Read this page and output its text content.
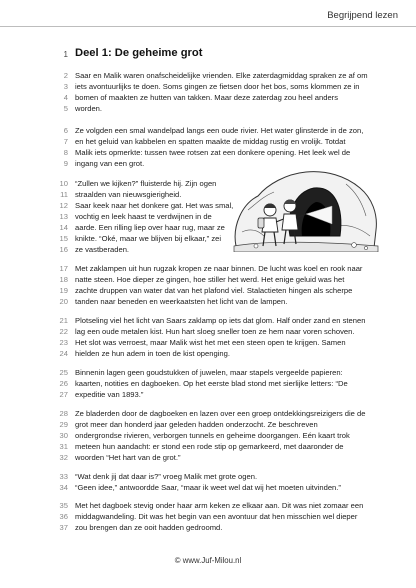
Begrijpend lezen
1 Deel 1: De geheime grot
2 Saar en Malik waren onafscheidelijke vrienden. Elke zaterdagmiddag spraken ze af om
3 iets avontuurlijks te doen. Soms gingen ze fietsen door het bos, soms klommen ze in
4 bomen of maakten ze hutten van takken. Maar deze zaterdag zou heel anders
5 worden.
6 Ze volgden een smal wandelpad langs een oude rivier. Het water glinsterde in de zon,
7 en het geluid van kabbelen en spatten maakte de middag rustig en vrolijk. Totdat
8 Malik iets opmerkte: tussen twee rotsen zat een donkere opening. Het leek wel de
9 ingang van een grot.
10 “Zullen we kijken?” fluisterde hij. Zijn ogen
11 straalden van nieuwsgierigheid.
12 Saar keek naar het donkere gat. Het was smal,
13 vochtig en leek haast te verdwijnen in de
14 aarde. Een rilling liep over haar rug, maar ze
15 knikte. “Oké, maar we blijven bij elkaar,” zei
16 ze vastberaden.
17 Met zaklampen uit hun rugzak kropen ze naar binnen. De lucht was koel en rook naar
18 natte steen. Hoe dieper ze gingen, hoe stiller het werd. Het enige geluid was het
19 zachte druppen van water dat van het plafond viel. Stalactieten hingen als scherpe
20 tanden naar beneden en weerkaatsten het licht van de lampen.
21 Plotseling viel het licht van Saars zaklamp op iets dat glom. Half onder zand en stenen
22 lag een oude metalen kist. Hun hart sloeg sneller toen ze hem naar voren schoven.
23 Het slot was verroest, maar Malik wist het met een steen open te krijgen. Samen
24 hielden ze hun adem in toen de kist openging.
25 Binnenin lagen geen goudstukken of juwelen, maar stapels vergeelde papieren:
26 kaarten, notities en dagboeken. Op het eerste blad stond met sierlijke letters: “De
27 expeditie van 1893.”
28 Ze bladerden door de dagboeken en lazen over een groep ontdekkingsreizigers die de
29 grot meer dan honderd jaar geleden hadden onderzocht. Ze beschreven
30 ondergrondse rivieren, verborgen tunnels en geheime doorgangen. Eén kaart trok
31 meteen hun aandacht: er stond een rode stip op gemarkeerd, met daaronder de
32 woorden “Het hart van de grot.”
33 “Wat denk jij dat daar is?” vroeg Malik met grote ogen.
34 “Geen idee,” antwoordde Saar, “maar ik weet wel dat wij het moeten uitvinden.”
35 Met het dagboek stevig onder haar arm keken ze elkaar aan. Dit was niet zomaar een
36 middagwandeling. Dit was het begin van een avontuur dat hen misschien wel dieper
37 zou brengen dan ze ooit hadden gedroomd.
© www.Juf-Milou.nl
